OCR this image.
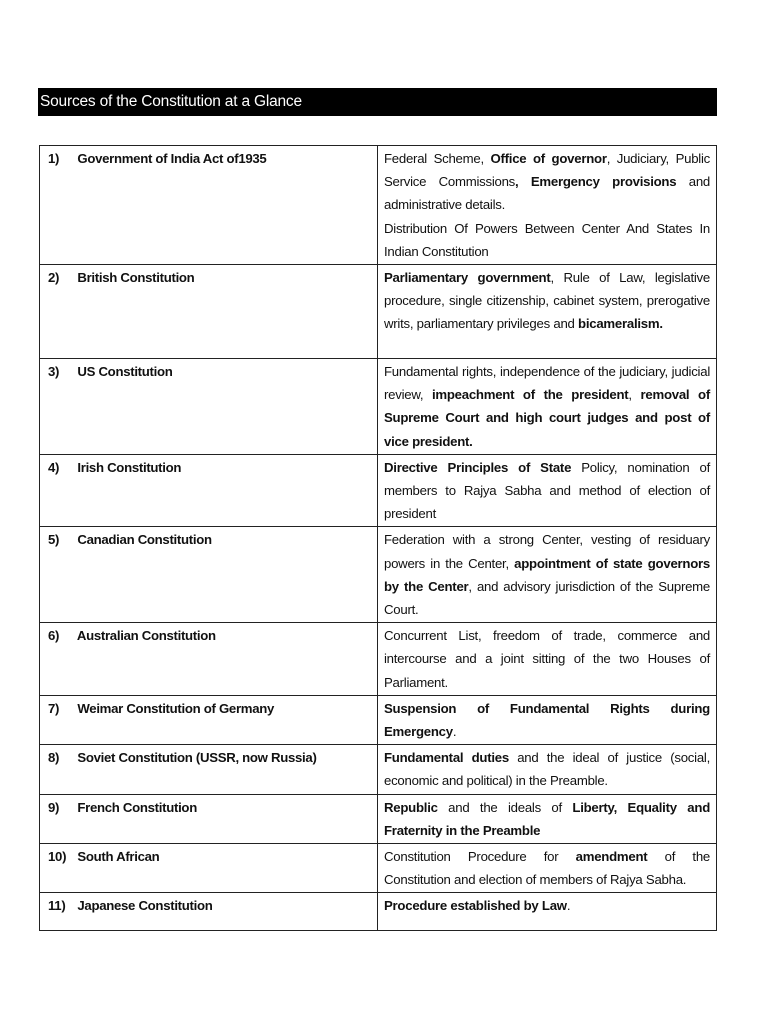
Sources of the Constitution at a Glance
1) Government of India Act of1935	Federal Scheme, Office of governor, Judiciary, Public Service Commissions, Emergency provisions and administrative details.
Distribution Of Powers Between Center And States In Indian Constitution

2) British Constitution	Parliamentary government, Rule of Law, legislative procedure, single citizenship, cabinet system, prerogative writs, parliamentary privileges and bicameralism.

3) US Constitution	Fundamental rights, independence of the judiciary, judicial review, impeachment of the president, removal of Supreme Court and high court judges and post of vice president.

4) Irish Constitution	Directive Principles of State Policy, nomination of members to Rajya Sabha and method of election of president

5) Canadian Constitution	Federation with a strong Center, vesting of residuary powers in the Center, appointment of state governors by the Center, and advisory jurisdiction of the Supreme Court.

6) Australian Constitution	Concurrent List, freedom of trade, commerce and intercourse and a joint sitting of the two Houses of Parliament.

7) Weimar Constitution of Germany	Suspension of Fundamental Rights during Emergency.

8) Soviet Constitution (USSR, now Russia)	Fundamental duties and the ideal of justice (social, economic and political) in the Preamble.

9) French Constitution	Republic and the ideals of Liberty, Equality and Fraternity in the Preamble

10) South African	Constitution Procedure for amendment of the Constitution and election of members of Rajya Sabha.

11) Japanese Constitution	Procedure established by Law.
